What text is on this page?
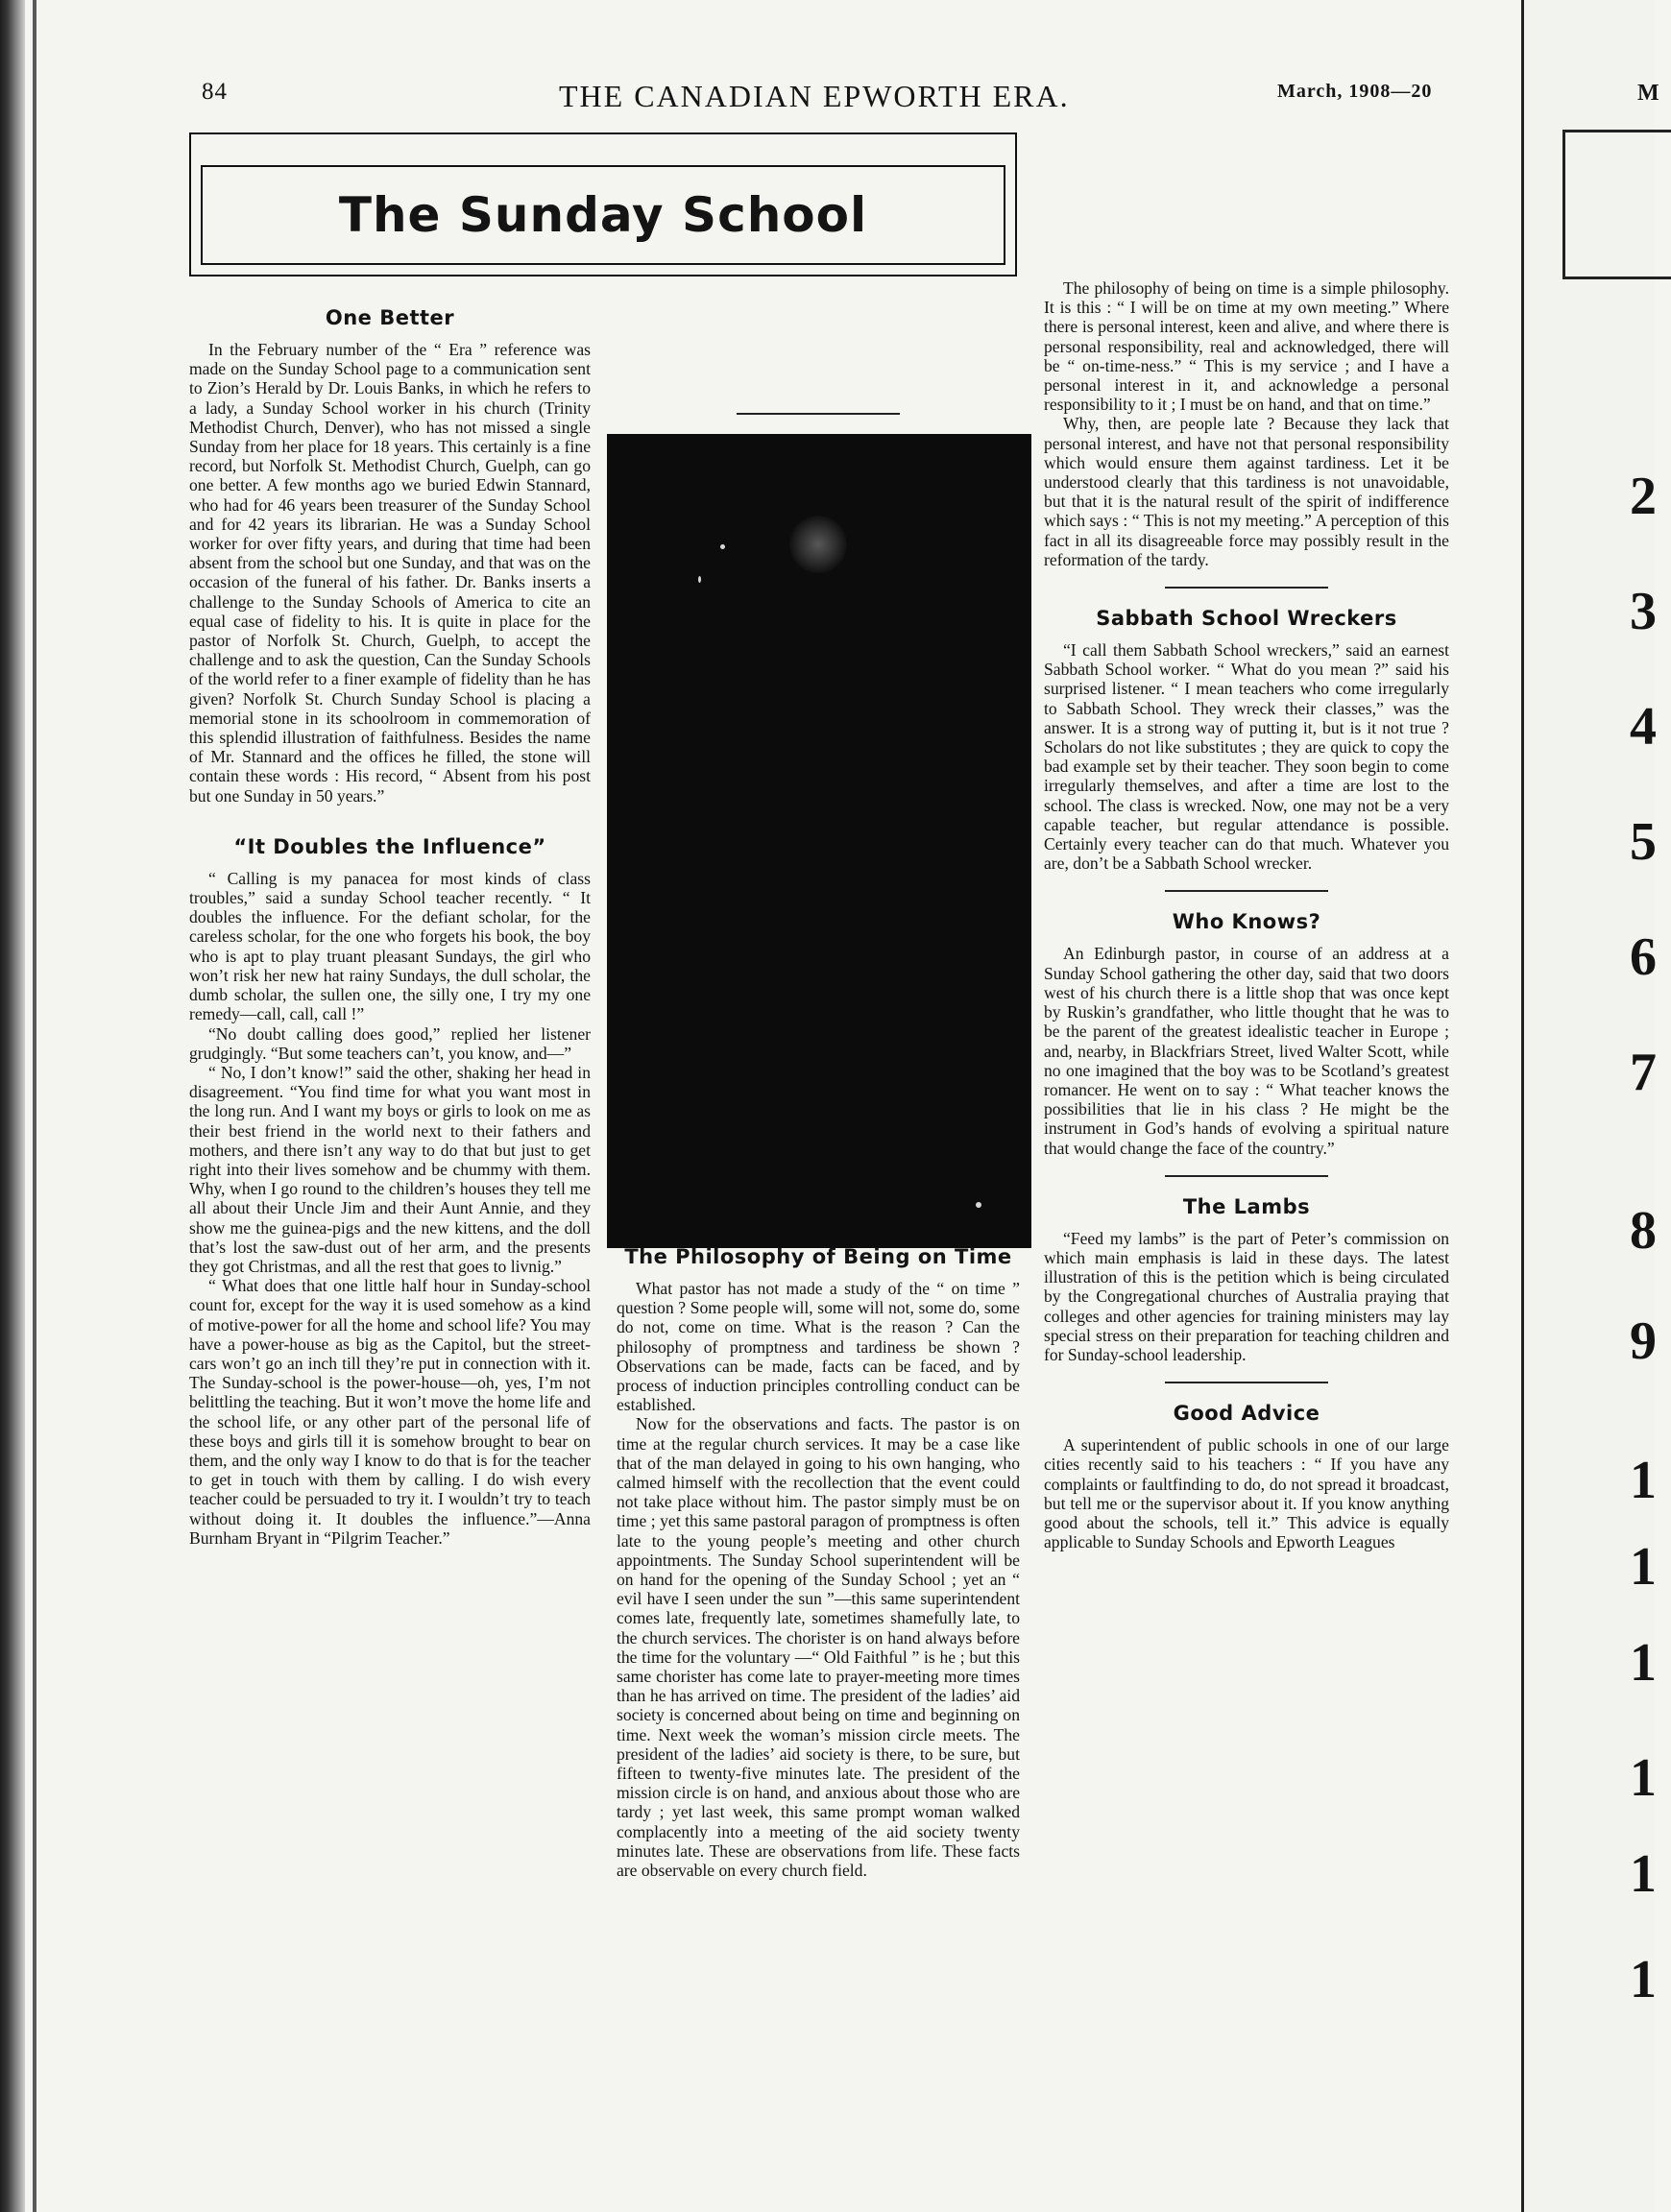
84	THE CANADIAN EPWORTH ERA.	March, 1908—20
The Sunday School
One Better

In the February number of the “ Era ” reference was made on the Sunday School page to a communication sent to Zion’s Herald by Dr. Louis Banks, in which he refers to a lady, a Sunday School worker in his church (Trinity Methodist Church, Denver), who has not missed a single Sunday from her place for 18 years. This certainly is a fine record, but Norfolk St. Methodist Church, Guelph, can go one better. A few months ago we buried Edwin Stannard, who had for 46 years been treasurer of the Sunday School and for 42 years its librarian. He was a Sunday School worker for over fifty years, and during that time had been absent from the school but one Sunday, and that was on the occasion of the funeral of his father. Dr. Banks inserts a challenge to the Sunday Schools of America to cite an equal case of fidelity to his. It is quite in place for the pastor of Norfolk St. Church, Guelph, to accept the challenge and to ask the question, Can the Sunday Schools of the world refer to a finer example of fidelity than he has given? Norfolk St. Church Sunday School is placing a memorial stone in its schoolroom in commemoration of this splendid illustration of faithfulness. Besides the name of Mr. Stannard and the offices he filled, the stone will contain these words : His record, “ Absent from his post but one Sunday in 50 years.”

“It Doubles the Influence”

“ Calling is my panacea for most kinds of class troubles,” said a sunday School teacher recently. “ It doubles the influence. For the defiant scholar, for the careless scholar, for the one who forgets his book, the boy who is apt to play truant pleasant Sundays, the girl who won’t risk her new hat rainy Sundays, the dull scholar, the dumb scholar, the sullen one, the silly one, I try my one remedy—call, call, call !”

“No doubt calling does good,” replied her listener grudgingly. “But some teachers can’t, you know, and—”

“ No, I don’t know!” said the other, shaking her head in disagreement. “You find time for what you want most in the long run. And I want my boys or girls to look on me as their best friend in the world next to their fathers and mothers, and there isn’t any way to do that but just to get right into their lives somehow and be chummy with them. Why, when I go round to the children’s houses they tell me all about their Uncle Jim and their Aunt Annie, and they show me the guinea-pigs and the new kittens, and the doll that’s lost the saw-dust out of her arm, and the presents they got Christmas, and all the rest that goes to livnig.”

“ What does that one little half hour in Sunday-school count for, except for the way it is used somehow as a kind of motive-power for all the home and school life? You may have a power-house as big as the Capitol, but the street-cars won’t go an inch till they’re put in connection with it. The Sunday-school is the power-house—oh, yes, I’m not belittling the teaching. But it won’t move the home life and the school life, or any other part of the personal life of these boys and girls till it is somehow brought to bear on them, and the only way I know to do that is for the teacher to get in touch with them by calling. I do wish every teacher could be persuaded to try it. I wouldn’t try to teach without doing it. It doubles the influence.”—Anna Burnham Bryant in “Pilgrim Teacher.”

The Philosophy of Being on Time

What pastor has not made a study of the “ on time ” question ? Some people will, some will not, some do, some do not, come on time. What is the reason ? Can the philosophy of promptness and tardiness be shown ? Observations can be made, facts can be faced, and by process of induction principles controlling conduct can be established.

Now for the observations and facts. The pastor is on time at the regular church services. It may be a case like that of the man delayed in going to his own hanging, who calmed himself with the recollection that the event could not take place without him. The pastor simply must be on time ; yet this same pastoral paragon of promptness is often late to the young people’s meeting and other church appointments. The Sunday School superintendent will be on hand for the opening of the Sunday School ; yet an “ evil have I seen under the sun ”—this same superintendent comes late, frequently late, sometimes shamefully late, to the church services. The chorister is on hand always before the time for the voluntary —“ Old Faithful ” is he ; but this same chorister has come late to prayer-meeting more times than he has arrived on time. The president of the ladies’ aid society is concerned about being on time and beginning on time. Next week the woman’s mission circle meets. The president of the ladies’ aid society is there, to be sure, but fifteen to twenty-five minutes late. The president of the mission circle is on hand, and anxious about those who are tardy ; yet last week, this same prompt woman walked complacently into a meeting of the aid society twenty minutes late. These are observations from life. These facts are observable on every church field.

The philosophy of being on time is a simple philosophy. It is this : “ I will be on time at my own meeting.” Where there is personal interest, keen and alive, and where there is personal responsibility, real and acknowledged, there will be “ on-time-ness.” “ This is my service ; and I have a personal interest in it, and acknowledge a personal responsibility to it ; I must be on hand, and that on time.”

Why, then, are people late ? Because they lack that personal interest, and have not that personal responsibility which would ensure them against tardiness. Let it be understood clearly that this tardiness is not unavoidable, but that it is the natural result of the spirit of indifference which says : “ This is not my meeting.” A perception of this fact in all its disagreeable force may possibly result in the reformation of the tardy.

Sabbath School Wreckers

“I call them Sabbath School wreckers,” said an earnest Sabbath School worker. “ What do you mean ?” said his surprised listener. “ I mean teachers who come irregularly to Sabbath School. They wreck their classes,” was the answer. It is a strong way of putting it, but is it not true ? Scholars do not like substitutes ; they are quick to copy the bad example set by their teacher. They soon begin to come irregularly themselves, and after a time are lost to the school. The class is wrecked. Now, one may not be a very capable teacher, but regular attendance is possible. Certainly every teacher can do that much. Whatever you are, don’t be a Sabbath School wrecker.

Who Knows?

An Edinburgh pastor, in course of an address at a Sunday School gathering the other day, said that two doors west of his church there is a little shop that was once kept by Ruskin’s grandfather, who little thought that he was to be the parent of the greatest idealistic teacher in Europe ; and, nearby, in Blackfriars Street, lived Walter Scott, while no one imagined that the boy was to be Scotland’s greatest romancer. He went on to say : “ What teacher knows the possibilities that lie in his class ? He might be the instrument in God’s hands of evolving a spiritual nature that would change the face of the country.”

The Lambs

“Feed my lambs” is the part of Peter’s commission on which main emphasis is laid in these days. The latest illustration of this is the petition which is being circulated by the Congregational churches of Australia praying that colleges and other agencies for training ministers may lay special stress on their preparation for teaching children and for Sunday-school leadership.

Good Advice

A superintendent of public schools in one of our large cities recently said to his teachers : “ If you have any complaints or faultfinding to do, do not spread it broadcast, but tell me or the supervisor about it. If you know anything good about the schools, tell it.” This advice is equally applicable to Sunday Schools and Epworth Leagues

M
2
3
4
5
6
7
8
9
1
1
1
1
1
1
